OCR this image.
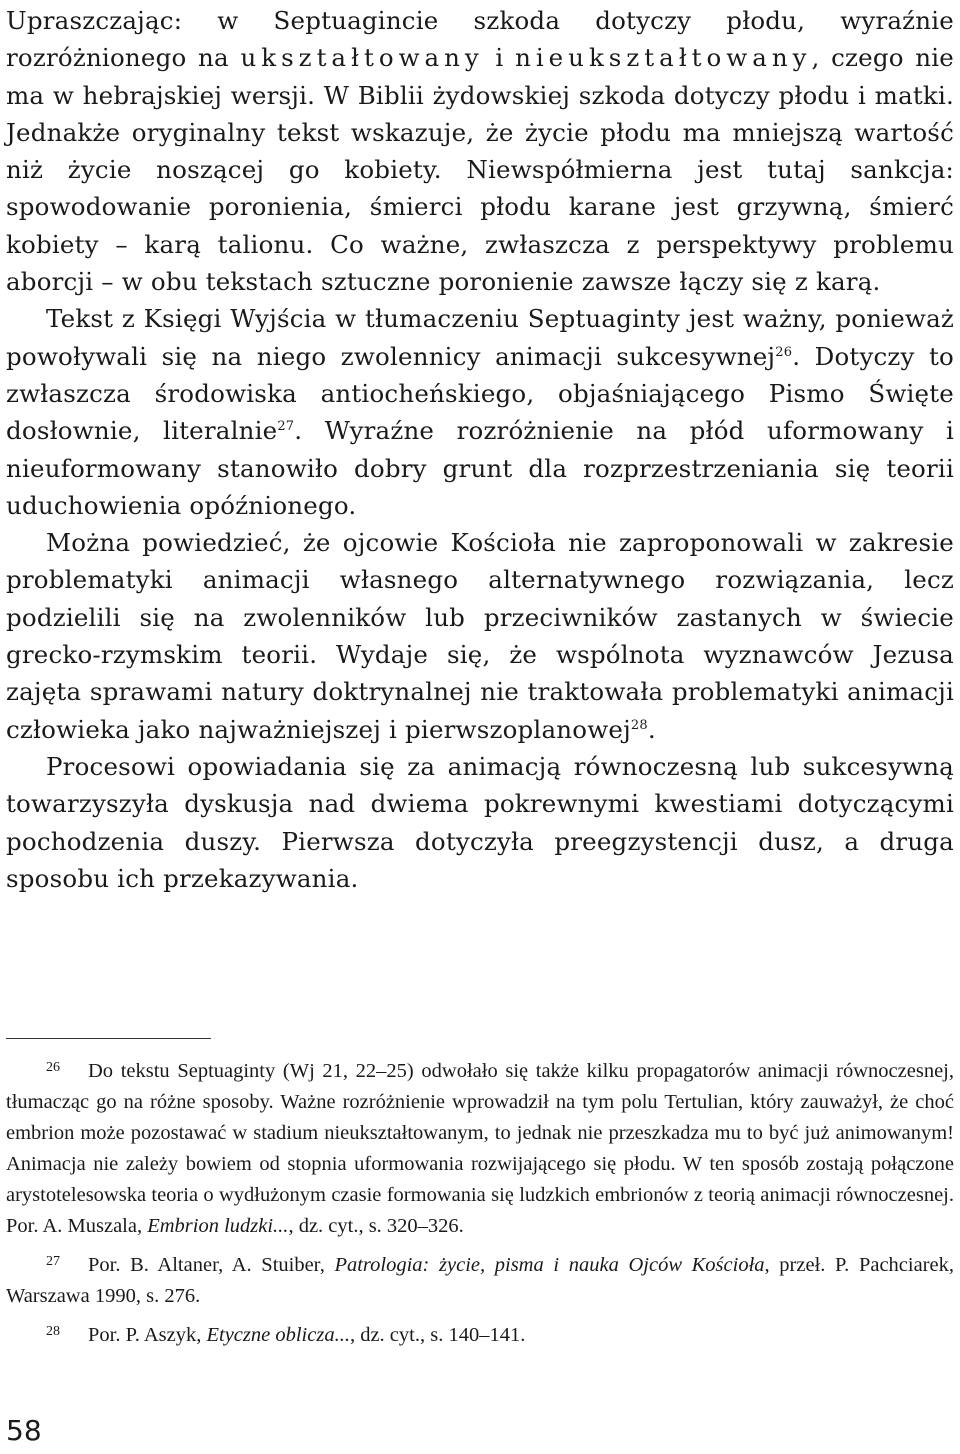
Upraszczając: w Septuagincie szkoda dotyczy płodu, wyraźnie rozróżnionego na ukształtowany i nieukształtowany, czego nie ma w hebrajskiej wersji. W Biblii żydowskiej szkoda dotyczy płodu i matki. Jednakże oryginalny tekst wskazuje, że życie płodu ma mniejszą wartość niż życie noszącej go kobiety. Niewspółmierna jest tutaj sankcja: spowodowanie poronienia, śmierci płodu karane jest grzywną, śmierć kobiety – karą talionu. Co ważne, zwłaszcza z perspektywy problemu aborcji – w obu tekstach sztuczne poronienie zawsze łączy się z karą.

Tekst z Księgi Wyjścia w tłumaczeniu Septuaginty jest ważny, ponieważ powoływali się na niego zwolennicy animacji sukcesywnej$^{26}$. Dotyczy to zwłaszcza środowiska antiocheńskiego, objaśniającego Pismo Święte dosłownie, literalnie$^{27}$. Wyraźne rozróżnienie na płód uformowany i nieuformowany stanowiło dobry grunt dla rozprzestrzeniania się teorii uduchowienia opóźnionego.

Można powiedzieć, że ojcowie Kościoła nie zaproponowali w zakresie problematyki animacji własnego alternatywnego rozwiązania, lecz podzielili się na zwolenników lub przeciwników zastanych w świecie grecko-rzymskim teorii. Wydaje się, że wspólnota wyznawców Jezusa zajęta sprawami natury doktrynalnej nie traktowała problematyki animacji człowieka jako najważniejszej i pierwszoplanowej$^{28}$.

Procesowi opowiadania się za animacją równoczesną lub sukcesywną towarzyszyła dyskusja nad dwiema pokrewnymi kwestiami dotyczącymi pochodzenia duszy. Pierwsza dotyczyła preegzystencji dusz, a druga sposobu ich przekazywania.

26 Do tekstu Septuaginty (Wj 21, 22–25) odwołało się także kilku propagatorów animacji równoczesnej, tłumacząc go na różne sposoby. Ważne rozróżnienie wprowadził na tym polu Tertulian, który zauważył, że choć embrion może pozostawać w stadium nieukształtowanym, to jednak nie przeszkadza mu to być już animowanym! Animacja nie zależy bowiem od stopnia uformowania rozwijającego się płodu. W ten sposób zostają połączone arystotelesowska teoria o wydłużonym czasie formowania się ludzkich embrionów z teorią animacji równoczesnej. Por. A. Muszala, Embrion ludzki..., dz. cyt., s. 320–326.

27 Por. B. Altaner, A. Stuiber, Patrologia: życie, pisma i nauka Ojców Kościoła, przeł. P. Pachciarek, Warszawa 1990, s. 276.

28 Por. P. Aszyk, Etyczne oblicza..., dz. cyt., s. 140–141.

58
